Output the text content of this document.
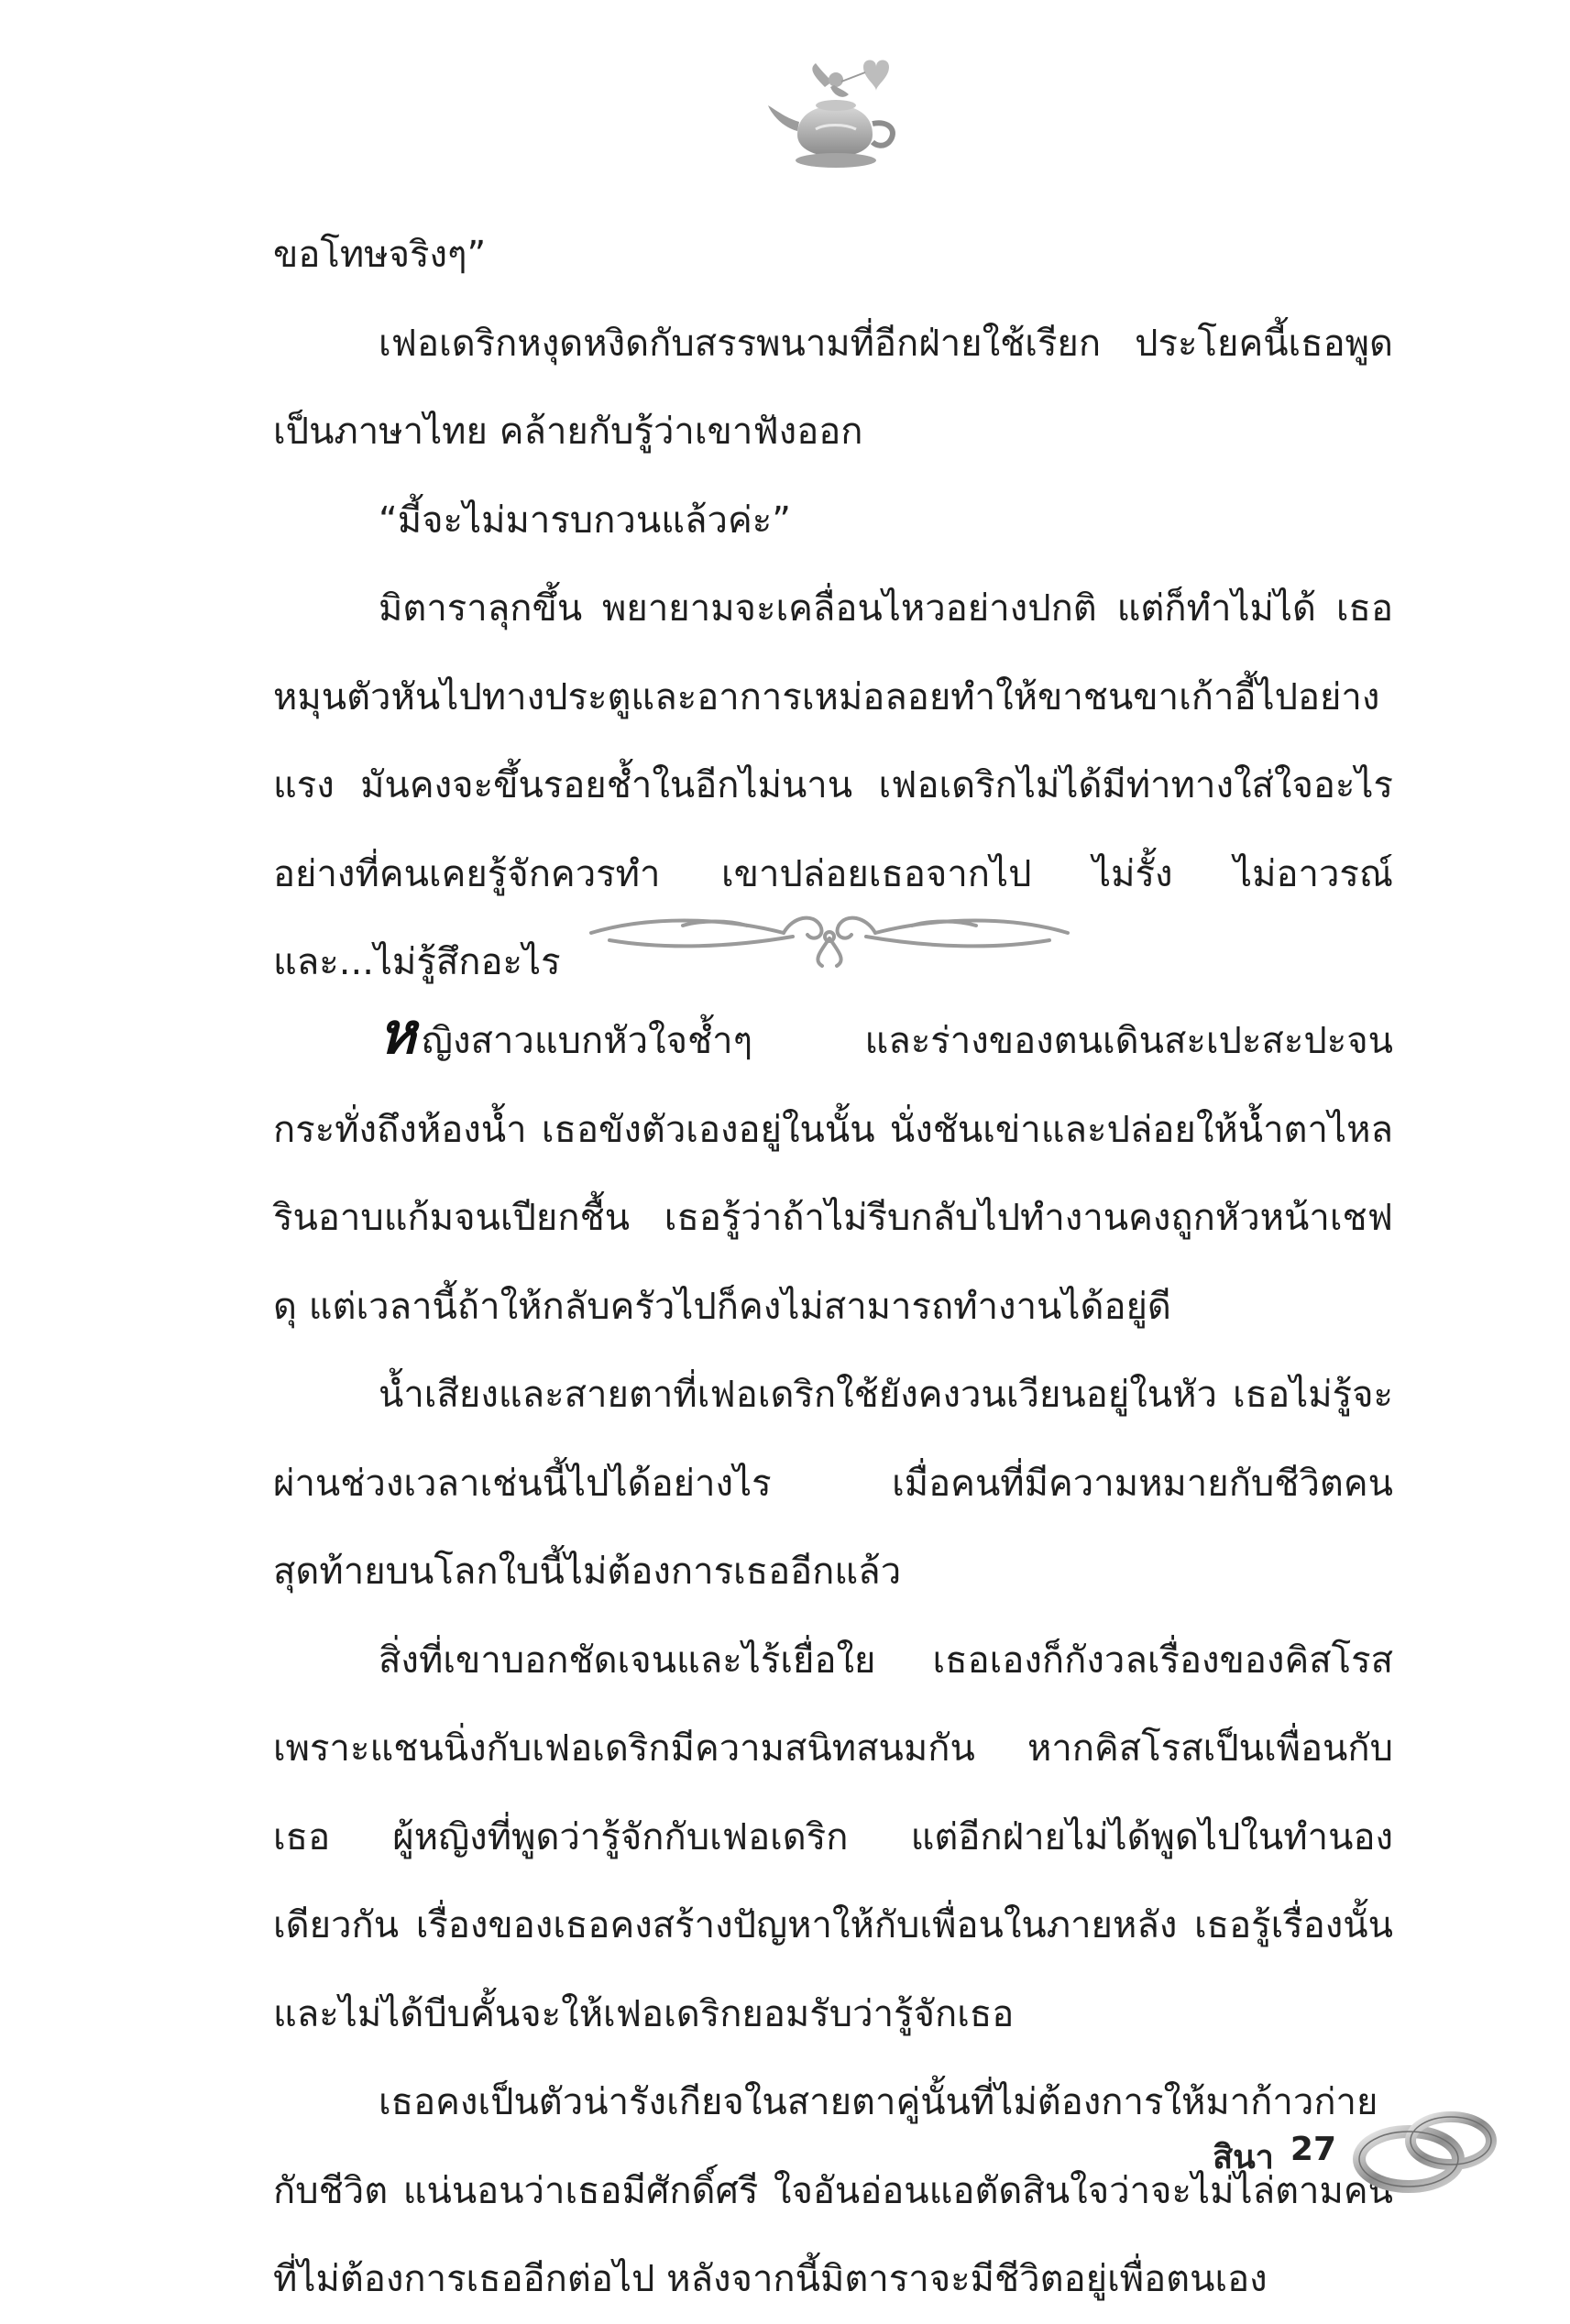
ขอโทษจริงๆ”

เฟอเดริกหงุดหงิดกับสรรพนามที่อีกฝ่ายใช้เรียก ประโยคนี้เธอพูดเป็นภาษาไทย คล้ายกับรู้ว่าเขาฟังออก

“มี้จะไม่มารบกวนแล้วค่ะ”

มิตาราลุกขึ้น พยายามจะเคลื่อนไหวอย่างปกติ แต่ก็ทำไม่ได้ เธอหมุนตัวหันไปทางประตูและอาการเหม่อลอยทำให้ขาชนขาเก้าอี้ไปอย่างแรง มันคงจะขึ้นรอยช้ำในอีกไม่นาน เฟอเดริกไม่ได้มีท่าทางใส่ใจอะไรอย่างที่คนเคยรู้จักควรทำ เขาปล่อยเธอจากไป ไม่รั้ง ไม่อาวรณ์ และ...ไม่รู้สึกอะไร

หญิงสาวแบกหัวใจช้ำๆ และร่างของตนเดินสะเปะสะปะจนกระทั่งถึงห้องน้ำ เธอขังตัวเองอยู่ในนั้น นั่งชันเข่าและปล่อยให้น้ำตาไหลรินอาบแก้มจนเปียกชื้น เธอรู้ว่าถ้าไม่รีบกลับไปทำงานคงถูกหัวหน้าเชฟดุ แต่เวลานี้ถ้าให้กลับครัวไปก็คงไม่สามารถทำงานได้อยู่ดี

น้ำเสียงและสายตาที่เฟอเดริกใช้ยังคงวนเวียนอยู่ในหัว เธอไม่รู้จะผ่านช่วงเวลาเช่นนี้ไปได้อย่างไร เมื่อคนที่มีความหมายกับชีวิตคนสุดท้ายบนโลกใบนี้ไม่ต้องการเธออีกแล้ว

สิ่งที่เขาบอกชัดเจนและไร้เยื่อใย เธอเองก็กังวลเรื่องของคิสโรส เพราะแชนนิ่งกับเฟอเดริกมีความสนิทสนมกัน หากคิสโรสเป็นเพื่อนกับเธอ ผู้หญิงที่พูดว่ารู้จักกับเฟอเดริก แต่อีกฝ่ายไม่ได้พูดไปในทำนองเดียวกัน เรื่องของเธอคงสร้างปัญหาให้กับเพื่อนในภายหลัง เธอรู้เรื่องนั้นและไม่ได้บีบคั้นจะให้เฟอเดริกยอมรับว่ารู้จักเธอ

เธอคงเป็นตัวน่ารังเกียจในสายตาคู่นั้นที่ไม่ต้องการให้มาก้าวก่ายกับชีวิต แน่นอนว่าเธอมีศักดิ์ศรี ใจอันอ่อนแอตัดสินใจว่าจะไม่ไล่ตามคนที่ไม่ต้องการเธออีกต่อไป หลังจากนี้มิตาราจะมีชีวิตอยู่เพื่อตนเอง

สินา 27
